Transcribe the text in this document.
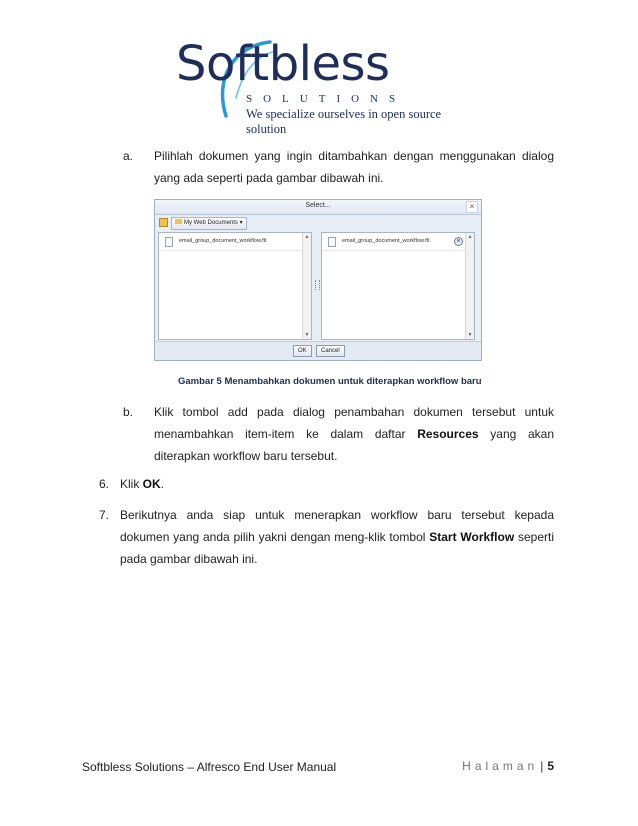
Softbless
SOLUTIONS
We specialize ourselves in open source solution
a. Pilihlah dokumen yang ingin ditambahkan dengan menggunakan dialog yang ada seperti pada gambar dibawah ini.
Select...	×
My Web Documents ▾
email_group_document_workflow.ftl
▲
▼
email_group_document_workflow.ftl	⊗
▲
▼
OK	Cancel
Gambar 5 Menambahkan dokumen untuk diterapkan workflow baru
b. Klik tombol add pada dialog penambahan dokumen tersebut untuk menambahkan item-item ke dalam daftar Resources yang akan diterapkan workflow baru tersebut.
6. Klik OK.
7. Berikutnya anda siap untuk menerapkan workflow baru tersebut kepada dokumen yang anda pilih yakni dengan meng-klik tombol Start Workflow seperti pada gambar dibawah ini.
Softbless Solutions – Alfresco End User Manual	Halaman | 5
